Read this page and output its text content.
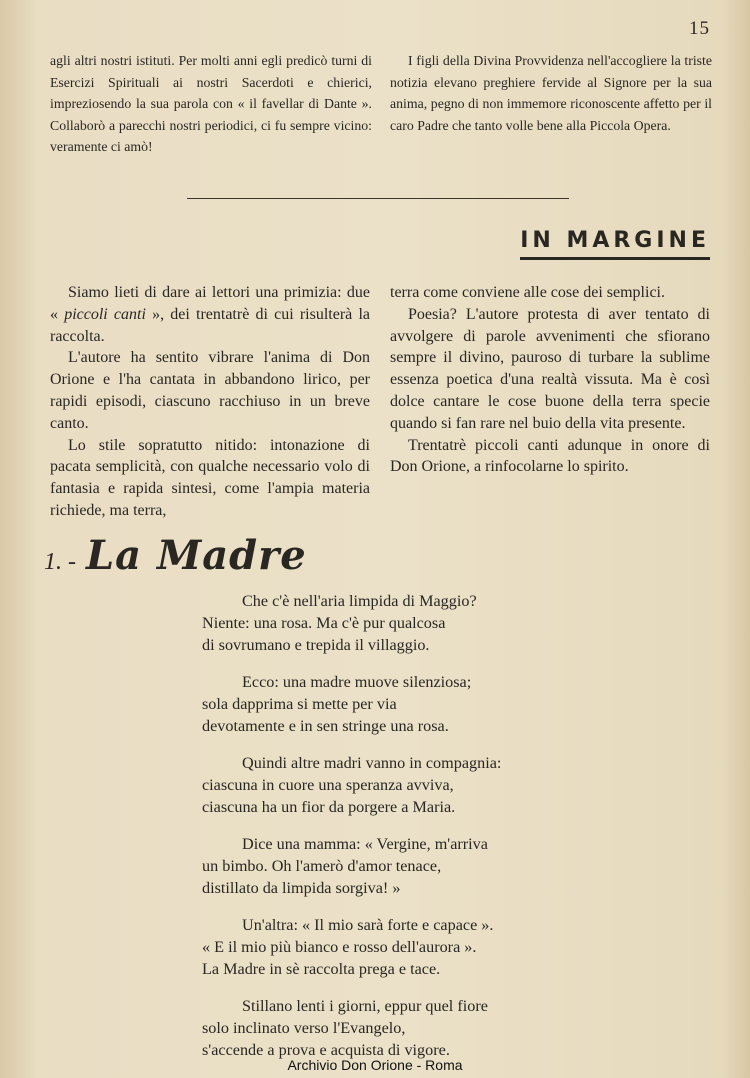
15

agli altri nostri istituti. Per molti anni egli predicò turni di Esercizi Spirituali ai nostri Sacerdoti e chierici, impreziosendo la sua parola con « il favellar di Dante ». Collaborò a parecchi nostri periodici, ci fu sempre vicino: veramente ci amò!

I figli della Divina Provvidenza nell'accogliere la triste notizia elevano preghiere fervide al Signore per la sua anima, pegno di non immemore riconoscente affetto per il caro Padre che tanto volle bene alla Piccola Opera.

IN MARGINE

Siamo lieti di dare ai lettori una primizia: due « piccoli canti », dei trentatrè di cui risulterà la raccolta.

L'autore ha sentito vibrare l'anima di Don Orione e l'ha cantata in abbandono lirico, per rapidi episodi, ciascuno racchiuso in un breve canto.

Lo stile sopratutto nitido: intonazione di pacata semplicità, con qualche necessario volo di fantasia e rapida sintesi, come l'ampia materia richiede, ma terra,

terra come conviene alle cose dei semplici.

Poesia? L'autore protesta di aver tentato di avvolgere di parole avvenimenti che sfiorano sempre il divino, pauroso di turbare la sublime essenza poetica d'una realtà vissuta. Ma è così dolce cantare le cose buone della terra specie quando si fan rare nel buio della vita presente.

Trentatrè piccoli canti adunque in onore di Don Orione, a rinfocolarne lo spirito.

1. - La Madre
Che c'è nell'aria limpida di Maggio?
Niente: una rosa. Ma c'è pur qualcosa
di sovrumano e trepida il villaggio.
Ecco: una madre muove silenziosa;
sola dapprima si mette per via
devotamente e in sen stringe una rosa.
Quindi altre madri vanno in compagnia:
ciascuna in cuore una speranza avviva,
ciascuna ha un fior da porgere a Maria.
Dice una mamma: « Vergine, m'arriva
un bimbo. Oh l'amerò d'amor tenace,
distillato da limpida sorgiva! »
Un'altra: « Il mio sarà forte e capace ».
« E il mio più bianco e rosso dell'aurora ».
La Madre in sè raccolta prega e tace.
Stillano lenti i giorni, eppur quel fiore
solo inclinato verso l'Evangelo,
s'accende a prova e acquista di vigore.
Archivio Don Orione - Roma
